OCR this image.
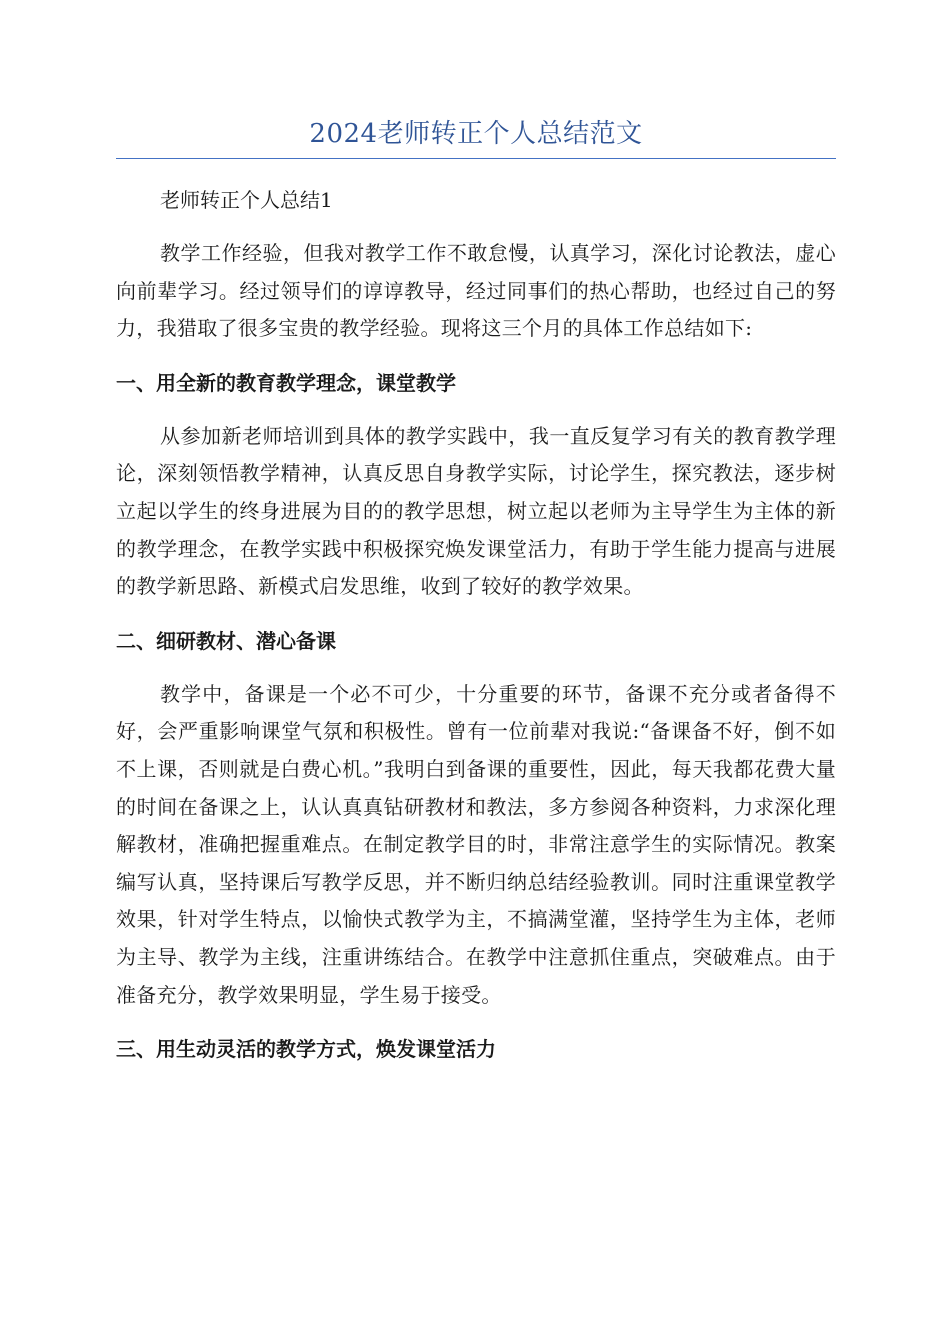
2024老师转正个人总结范文

老师转正个人总结1

教学工作经验，但我对教学工作不敢怠慢，认真学习，深化讨论教法，虚心向前辈学习。经过领导们的谆谆教导，经过同事们的热心帮助，也经过自己的努力，我猎取了很多宝贵的教学经验。现将这三个月的具体工作总结如下:

一、用全新的教育教学理念，课堂教学

从参加新老师培训到具体的教学实践中，我一直反复学习有关的教育教学理论，深刻领悟教学精神，认真反思自身教学实际，讨论学生，探究教法，逐步树立起以学生的终身进展为目的的教学思想，树立起以老师为主导学生为主体的新的教学理念，在教学实践中积极探究焕发课堂活力，有助于学生能力提高与进展的教学新思路、新模式启发思维，收到了较好的教学效果。

二、细研教材、潜心备课

教学中，备课是一个必不可少，十分重要的环节，备课不充分或者备得不好，会严重影响课堂气氛和积极性。曾有一位前辈对我说:“备课备不好，倒不如不上课，否则就是白费心机。”我明白到备课的重要性，因此，每天我都花费大量的时间在备课之上，认认真真钻研教材和教法，多方参阅各种资料，力求深化理解教材，准确把握重难点。在制定教学目的时，非常注意学生的实际情况。教案编写认真，坚持课后写教学反思，并不断归纳总结经验教训。同时注重课堂教学效果，针对学生特点，以愉快式教学为主，不搞满堂灌，坚持学生为主体，老师为主导、教学为主线，注重讲练结合。在教学中注意抓住重点，突破难点。由于准备充分，教学效果明显，学生易于接受。

三、用生动灵活的教学方式，焕发课堂活力
